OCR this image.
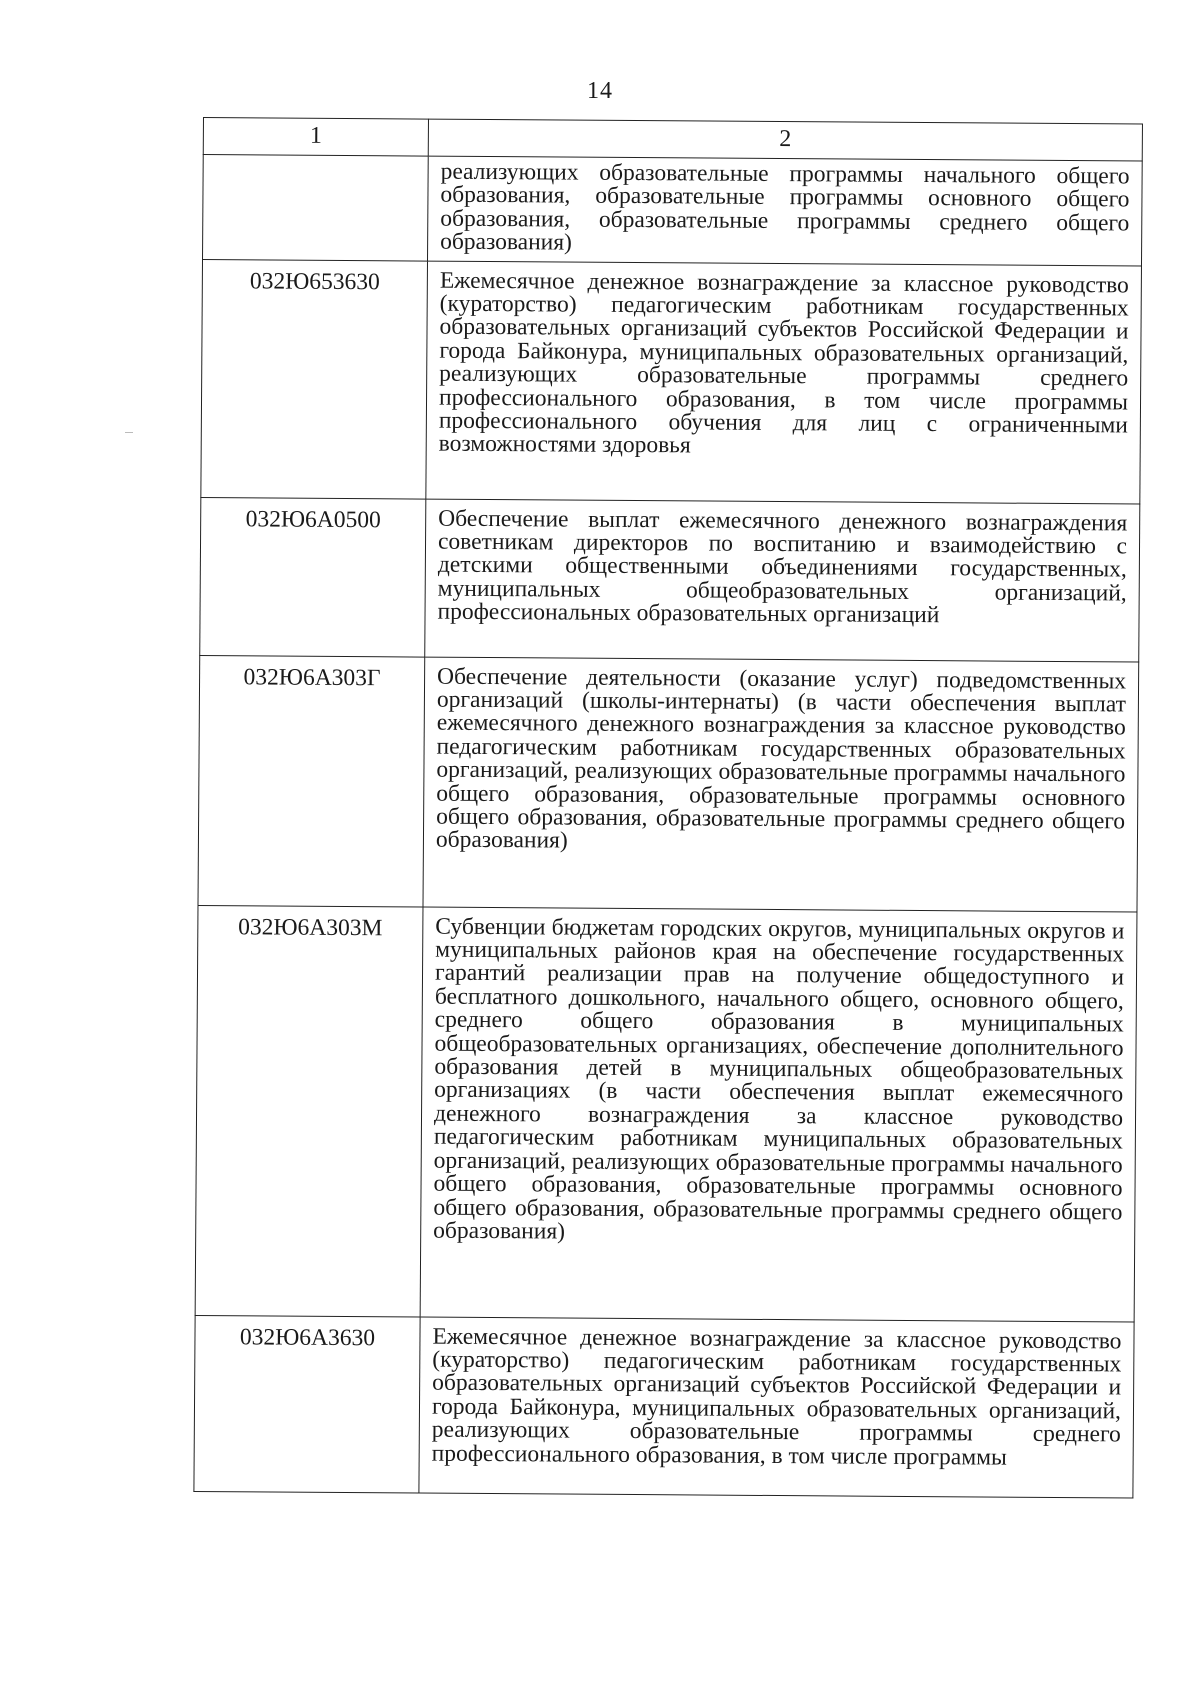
14
1	2
	реализующих образовательные программы начального общего образования, образовательные программы основного общего образования, образовательные программы среднего общего образования)
032Ю653630	Ежемесячное денежное вознаграждение за классное руководство (кураторство) педагогическим работникам государственных образовательных организаций субъектов Российской Федерации и города Байконура, муниципальных образовательных организаций, реализующих образовательные программы среднего профессионального образования, в том числе программы профессионального обучения для лиц с ограниченными возможностями здоровья
032Ю6А0500	Обеспечение выплат ежемесячного денежного вознаграждения советникам директоров по воспитанию и взаимодействию с детскими общественными объединениями государственных, муниципальных общеобразовательных организаций, профессиональных образовательных организаций
032Ю6А303Г	Обеспечение деятельности (оказание услуг) подведомственных организаций (школы-интернаты) (в части обеспечения выплат ежемесячного денежного вознаграждения за классное руководство педагогическим работникам государственных образовательных организаций, реализующих образовательные программы начального общего образования, образовательные программы основного общего образования, образовательные программы среднего общего образования)
032Ю6А303М	Субвенции бюджетам городских округов, муниципальных округов и муниципальных районов края на обеспечение государственных гарантий реализации прав на получение общедоступного и бесплатного дошкольного, начального общего, основного общего, среднего общего образования в муниципальных общеобразовательных организациях, обеспечение дополнительного образования детей в муниципальных общеобразовательных организациях (в части обеспечения выплат ежемесячного денежного вознаграждения за классное руководство педагогическим работникам муниципальных образовательных организаций, реализующих образовательные программы начального общего образования, образовательные программы основного общего образования, образовательные программы среднего общего образования)
032Ю6А3630	Ежемесячное денежное вознаграждение за классное руководство (кураторство) педагогическим работникам государственных образовательных организаций субъектов Российской Федерации и города Байконура, муниципальных образовательных организаций, реализующих образовательные программы среднего профессионального образования, в том числе программы
